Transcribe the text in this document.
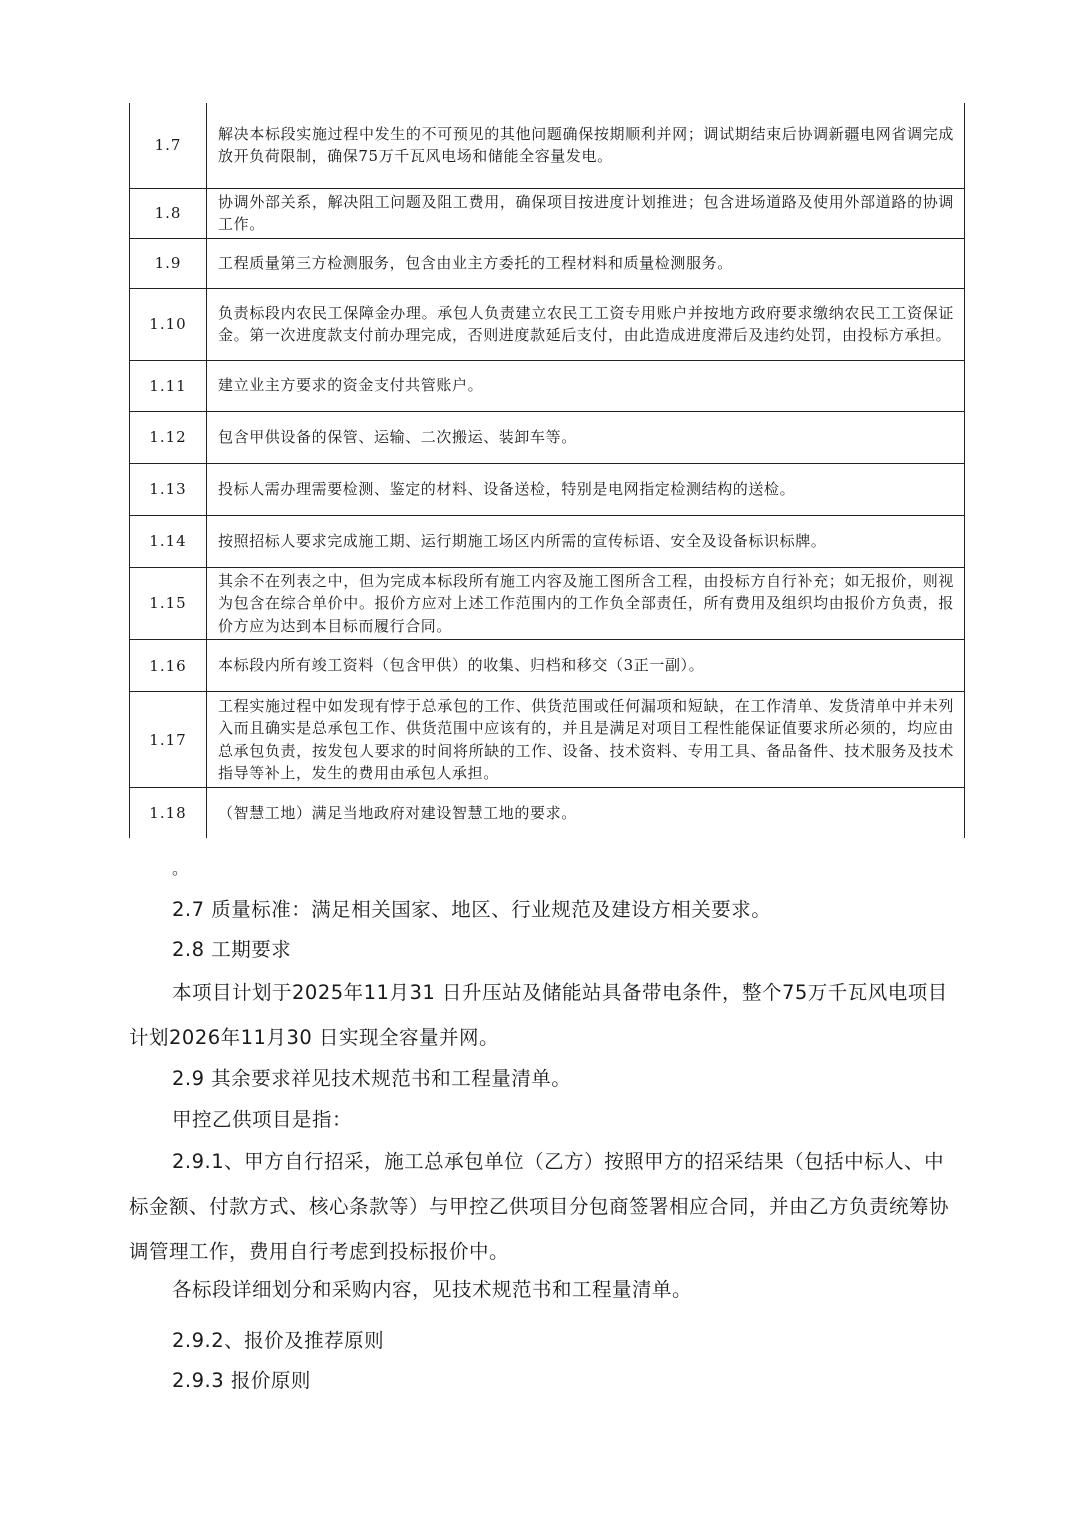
1.7	解决本标段实施过程中发生的不可预见的其他问题确保按期顺利并网；调试期结束后协调新疆电网省调完成放开负荷限制，确保75万千瓦风电场和储能全容量发电。
1.8	协调外部关系，解决阻工问题及阻工费用，确保项目按进度计划推进；包含进场道路及使用外部道路的协调工作。
1.9	工程质量第三方检测服务，包含由业主方委托的工程材料和质量检测服务。
1.10	负责标段内农民工保障金办理。承包人负责建立农民工工资专用账户并按地方政府要求缴纳农民工工资保证金。第一次进度款支付前办理完成，否则进度款延后支付，由此造成进度滞后及违约处罚，由投标方承担。
1.11	建立业主方要求的资金支付共管账户。
1.12	包含甲供设备的保管、运输、二次搬运、装卸车等。
1.13	投标人需办理需要检测、鉴定的材料、设备送检，特别是电网指定检测结构的送检。
1.14	按照招标人要求完成施工期、运行期施工场区内所需的宣传标语、安全及设备标识标牌。
1.15	其余不在列表之中，但为完成本标段所有施工内容及施工图所含工程，由投标方自行补充；如无报价，则视为包含在综合单价中。报价方应对上述工作范围内的工作负全部责任，所有费用及组织均由报价方负责，报价方应为达到本目标而履行合同。
1.16	本标段内所有竣工资料（包含甲供）的收集、归档和移交（3正一副）。
1.17	工程实施过程中如发现有悖于总承包的工作、供货范围或任何漏项和短缺，在工作清单、发货清单中并未列入而且确实是总承包工作、供货范围中应该有的，并且是满足对项目工程性能保证值要求所必须的，均应由总承包负责，按发包人要求的时间将所缺的工作、设备、技术资料、专用工具、备品备件、技术服务及技术指导等补上，发生的费用由承包人承担。
1.18	（智慧工地）满足当地政府对建设智慧工地的要求。
。
2.7 质量标准：满足相关国家、地区、行业规范及建设方相关要求。
2.8 工期要求
本项目计划于2025年11月31 日升压站及储能站具备带电条件，整个75万千瓦风电项目计划2026年11月30 日实现全容量并网。
2.9 其余要求祥见技术规范书和工程量清单。
甲控乙供项目是指：
2.9.1、甲方自行招采，施工总承包单位（乙方）按照甲方的招采结果（包括中标人、中标金额、付款方式、核心条款等）与甲控乙供项目分包商签署相应合同，并由乙方负责统筹协调管理工作，费用自行考虑到投标报价中。
各标段详细划分和采购内容，见技术规范书和工程量清单。
2.9.2、报价及推荐原则
2.9.3 报价原则
